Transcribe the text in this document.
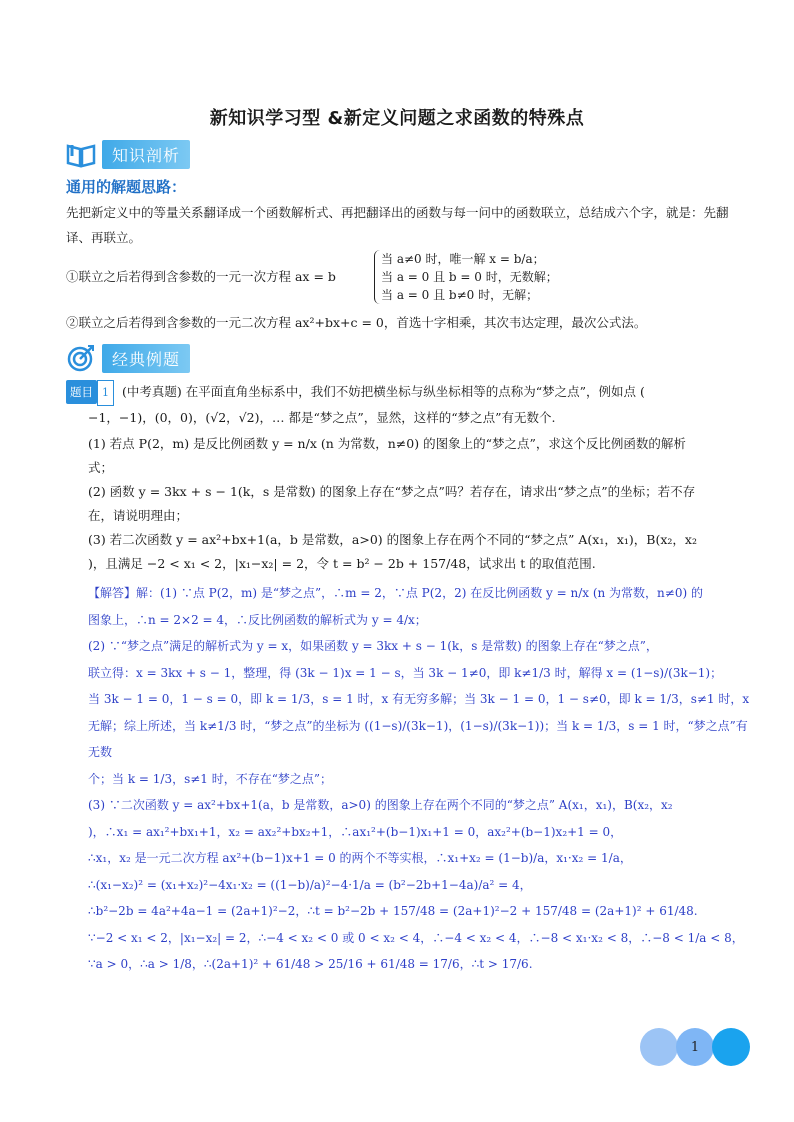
新知识学习型 &新定义问题之求函数的特殊点
知识剖析
通用的解题思路：
先把新定义中的等量关系翻译成一个函数解析式、再把翻译出的函数与每一问中的函数联立，总结成六个字，就是：先翻译、再联立。
①联立之后若得到含参数的一元一次方程 ax = b
当 a≠0 时，唯一解 x = b/a；
当 a = 0 且 b = 0 时，无数解；
当 a = 0 且 b≠0 时，无解；
②联立之后若得到含参数的一元二次方程 ax²+bx+c = 0，首选十字相乘，其次韦达定理，最次公式法。
经典例题
题目 1 (中考真题) 在平面直角坐标系中，我们不妨把横坐标与纵坐标相等的点称为“梦之点”，例如点 (
−1，−1)，(0，0)，(√2，√2)，… 都是“梦之点”，显然，这样的“梦之点”有无数个.
(1) 若点 P(2，m) 是反比例函数 y = n/x (n 为常数，n≠0) 的图象上的“梦之点”，求这个反比例函数的解析
式；
(2) 函数 y = 3kx + s − 1(k，s 是常数) 的图象上存在“梦之点”吗？若存在，请求出“梦之点”的坐标；若不存
在，请说明理由；
(3) 若二次函数 y = ax²+bx+1(a，b 是常数，a>0) 的图象上存在两个不同的“梦之点” A(x₁，x₁)，B(x₂，x₂
)，且满足 −2 < x₁ < 2，|x₁−x₂| = 2，令 t = b² − 2b + 157/48，试求出 t 的取值范围.
【解答】解：(1) ∵点 P(2，m) 是“梦之点”，∴m = 2，∵点 P(2，2) 在反比例函数 y = n/x (n 为常数，n≠0) 的
图象上，∴n = 2×2 = 4，∴反比例函数的解析式为 y = 4/x；
(2) ∵“梦之点”满足的解析式为 y = x，如果函数 y = 3kx + s − 1(k，s 是常数) 的图象上存在“梦之点”，
联立得：x = 3kx + s − 1，整理，得 (3k − 1)x = 1 − s，当 3k − 1≠0，即 k≠1/3 时，解得 x = (1−s)/(3k−1)；
当 3k − 1 = 0，1 − s = 0，即 k = 1/3，s = 1 时，x 有无穷多解；当 3k − 1 = 0，1 − s≠0，即 k = 1/3，s≠1 时，x
无解；综上所述，当 k≠1/3 时，“梦之点”的坐标为 ((1−s)/(3k−1)，(1−s)/(3k−1))；当 k = 1/3，s = 1 时，“梦之点”有无数
个；当 k = 1/3，s≠1 时，不存在“梦之点”；
(3) ∵二次函数 y = ax²+bx+1(a，b 是常数，a>0) 的图象上存在两个不同的“梦之点” A(x₁，x₁)，B(x₂，x₂
)，∴x₁ = ax₁²+bx₁+1，x₂ = ax₂²+bx₂+1，∴ax₁²+(b−1)x₁+1 = 0，ax₂²+(b−1)x₂+1 = 0，
∴x₁，x₂ 是一元二次方程 ax²+(b−1)x+1 = 0 的两个不等实根，∴x₁+x₂ = (1−b)/a，x₁·x₂ = 1/a，
∴(x₁−x₂)² = (x₁+x₂)²−4x₁·x₂ = ((1−b)/a)²−4·1/a = (b²−2b+1−4a)/a² = 4，
∴b²−2b = 4a²+4a−1 = (2a+1)²−2，∴t = b²−2b + 157/48 = (2a+1)²−2 + 157/48 = (2a+1)² + 61/48.
∵−2 < x₁ < 2，|x₁−x₂| = 2，∴−4 < x₂ < 0 或 0 < x₂ < 4，∴−4 < x₂ < 4，∴−8 < x₁·x₂ < 8，∴−8 < 1/a < 8，
∵a > 0，∴a > 1/8，∴(2a+1)² + 61/48 > 25/16 + 61/48 = 17/6，∴t > 17/6.
1
